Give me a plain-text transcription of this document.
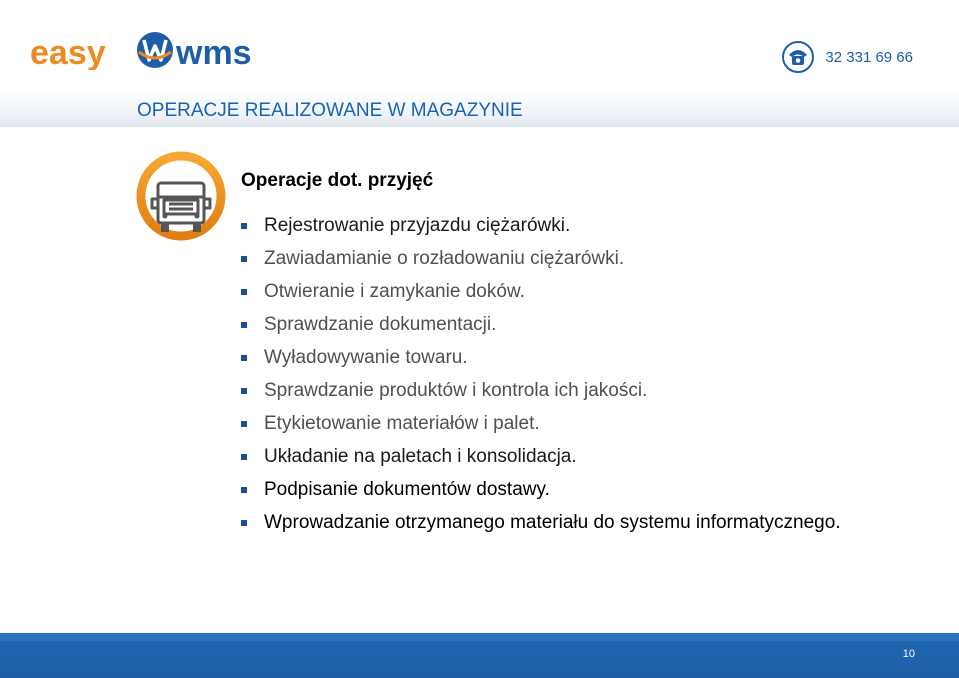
easy wms	32 331 69 66
OPERACJE REALIZOWANE W MAGAZYNIE
Operacje dot. przyjęć
Rejestrowanie przyjazdu ciężarówki.
Zawiadamianie o rozładowaniu ciężarówki.
Otwieranie i zamykanie doków.
Sprawdzanie dokumentacji.
Wyładowywanie towaru.
Sprawdzanie produktów i kontrola ich jakości.
Etykietowanie materiałów i palet.
Układanie na paletach i konsolidacja.
Podpisanie dokumentów dostawy.
Wprowadzanie otrzymanego materiału do systemu informatycznego.
10
